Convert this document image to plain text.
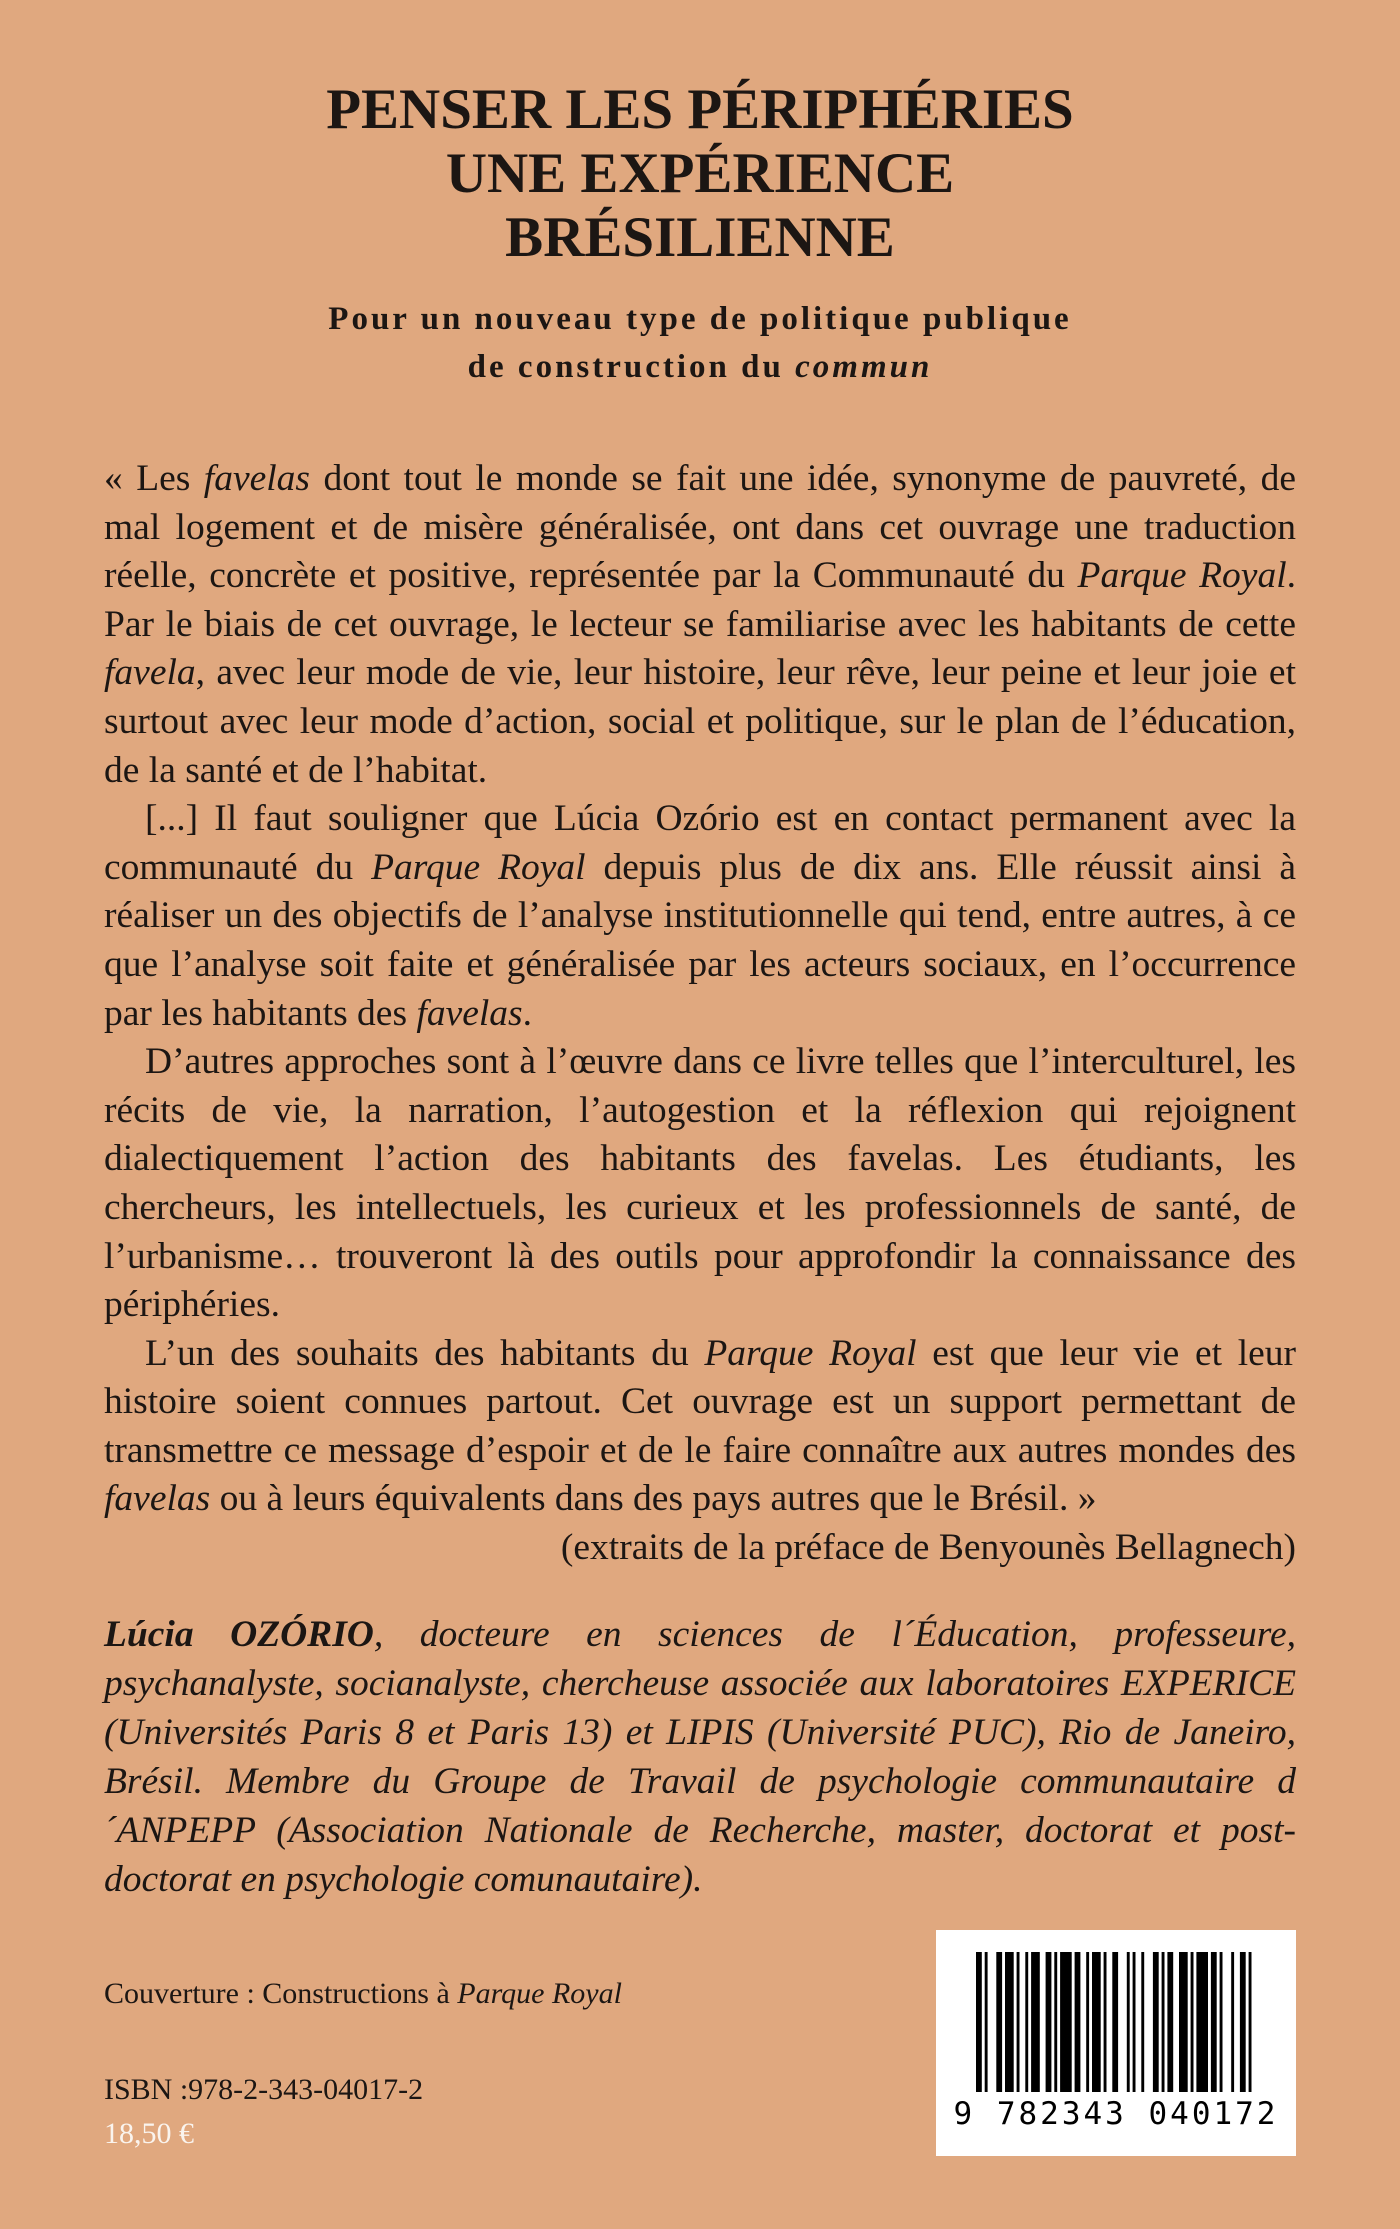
PENSER LES PÉRIPHÉRIES
UNE EXPÉRIENCE
BRÉSILIENNE
Pour un nouveau type de politique publique
de construction du commun

« Les favelas dont tout le monde se fait une idée, synonyme de pauvreté, de mal logement et de misère généralisée, ont dans cet ouvrage une traduction réelle, concrète et positive, représentée par la Communauté du Parque Royal. Par le biais de cet ouvrage, le lecteur se familiarise avec les habitants de cette favela, avec leur mode de vie, leur histoire, leur rêve, leur peine et leur joie et surtout avec leur mode d’action, social et politique, sur le plan de l’éducation, de la santé et de l’habitat.

[...] Il faut souligner que Lúcia Ozório est en contact permanent avec la communauté du Parque Royal depuis plus de dix ans. Elle réussit ainsi à réaliser un des objectifs de l’analyse institutionnelle qui tend, entre autres, à ce que l’analyse soit faite et généralisée par les acteurs sociaux, en l’occurrence par les habitants des favelas.

D’autres approches sont à l’œuvre dans ce livre telles que l’interculturel, les récits de vie, la narration, l’autogestion et la réflexion qui rejoignent dialectiquement l’action des habitants des favelas. Les étudiants, les chercheurs, les intellectuels, les curieux et les professionnels de santé, de l’urbanisme… trouveront là des outils pour approfondir la connaissance des périphéries.

L’un des souhaits des habitants du Parque Royal est que leur vie et leur histoire soient connues partout. Cet ouvrage est un support permettant de transmettre ce message d’espoir et de le faire connaître aux autres mondes des favelas ou à leurs équivalents dans des pays autres que le Brésil. »

(extraits de la préface de Benyounès Bellagnech)

Lúcia OZÓRIO, docteure en sciences de l´Éducation, professeure, psychanalyste, socianalyste, chercheuse associée aux laboratoires EXPERICE (Universités Paris 8 et Paris 13) et LIPIS (Université PUC), Rio de Janeiro, Brésil. Membre du Groupe de Travail de psychologie communautaire d´ANPEPP (Association Nationale de Recherche, master, doctorat et post-doctorat en psychologie comunautaire).
Couverture : Constructions à Parque Royal
ISBN :978-2-343-04017-2
18,50 €
9 782343 040172
